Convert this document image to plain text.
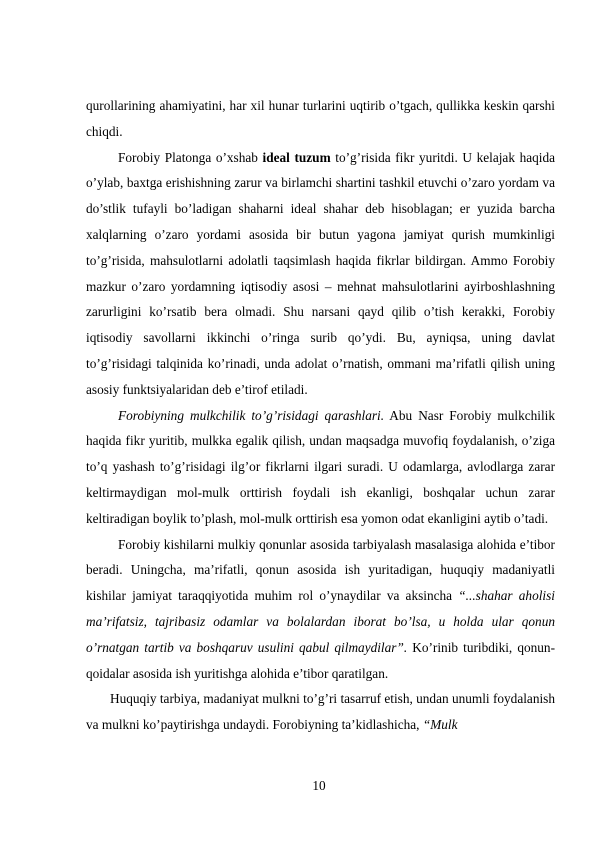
qurollarining ahamiyatini, har xil hunar turlarini uqtirib o’tgach, qullikka keskin qarshi chiqdi.

Forobiy Platonga o’xshab ideal tuzum to’g’risida fikr yuritdi. U kelajak haqida o’ylab, baxtga erishishning zarur va birlamchi shartini tashkil etuvchi o’zaro yordam va do’stlik tufayli bo’ladigan shaharni ideal shahar deb hisoblagan; er yuzida barcha xalqlarning o’zaro yordami asosida bir butun yagona jamiyat qurish mumkinligi to’g’risida, mahsulotlarni adolatli taqsimlash haqida fikrlar bildirgan. Ammo Forobiy mazkur o’zaro yordamning iqtisodiy asosi – mehnat mahsulotlarini ayirboshlashning zarurligini ko’rsatib bera olmadi. Shu narsani qayd qilib o’tish kerakki, Forobiy iqtisodiy savollarni ikkinchi o’ringa surib qo’ydi. Bu, ayniqsa, uning davlat to’g’risidagi talqinida ko’rinadi, unda adolat o’rnatish, ommani ma’rifatli qilish uning asosiy funktsiyalaridan deb e’tirof etiladi.

Forobiyning mulkchilik to’g’risidagi qarashlari. Abu Nasr Forobiy mulkchilik haqida fikr yuritib, mulkka egalik qilish, undan maqsadga muvofiq foydalanish, o’ziga to’q yashash to’g’risidagi ilg’or fikrlarni ilgari suradi. U odamlarga, avlodlarga zarar keltirmaydigan mol-mulk orttirish foydali ish ekanligi, boshqalar uchun zarar keltiradigan boylik to’plash, mol-mulk orttirish esa yomon odat ekanligini aytib o’tadi.

Forobiy kishilarni mulkiy qonunlar asosida tarbiyalash masalasiga alohida e’tibor beradi. Uningcha, ma’rifatli, qonun asosida ish yuritadigan, huquqiy madaniyatli kishilar jamiyat taraqqiyotida muhim rol o’ynaydilar va aksincha “...shahar aholisi ma’rifatsiz, tajribasiz odamlar va bolalardan iborat bo’lsa, u holda ular qonun o’rnatgan tartib va boshqaruv usulini qabul qilmaydilar”. Ko’rinib turibdiki, qonun-qoidalar asosida ish yuritishga alohida e’tibor qaratilgan.

Huquqiy tarbiya, madaniyat mulkni to’g’ri tasarruf etish, undan unumli foydalanish va mulkni ko’paytirishga undaydi. Forobiyning ta’kidlashicha, “Mulk

10
